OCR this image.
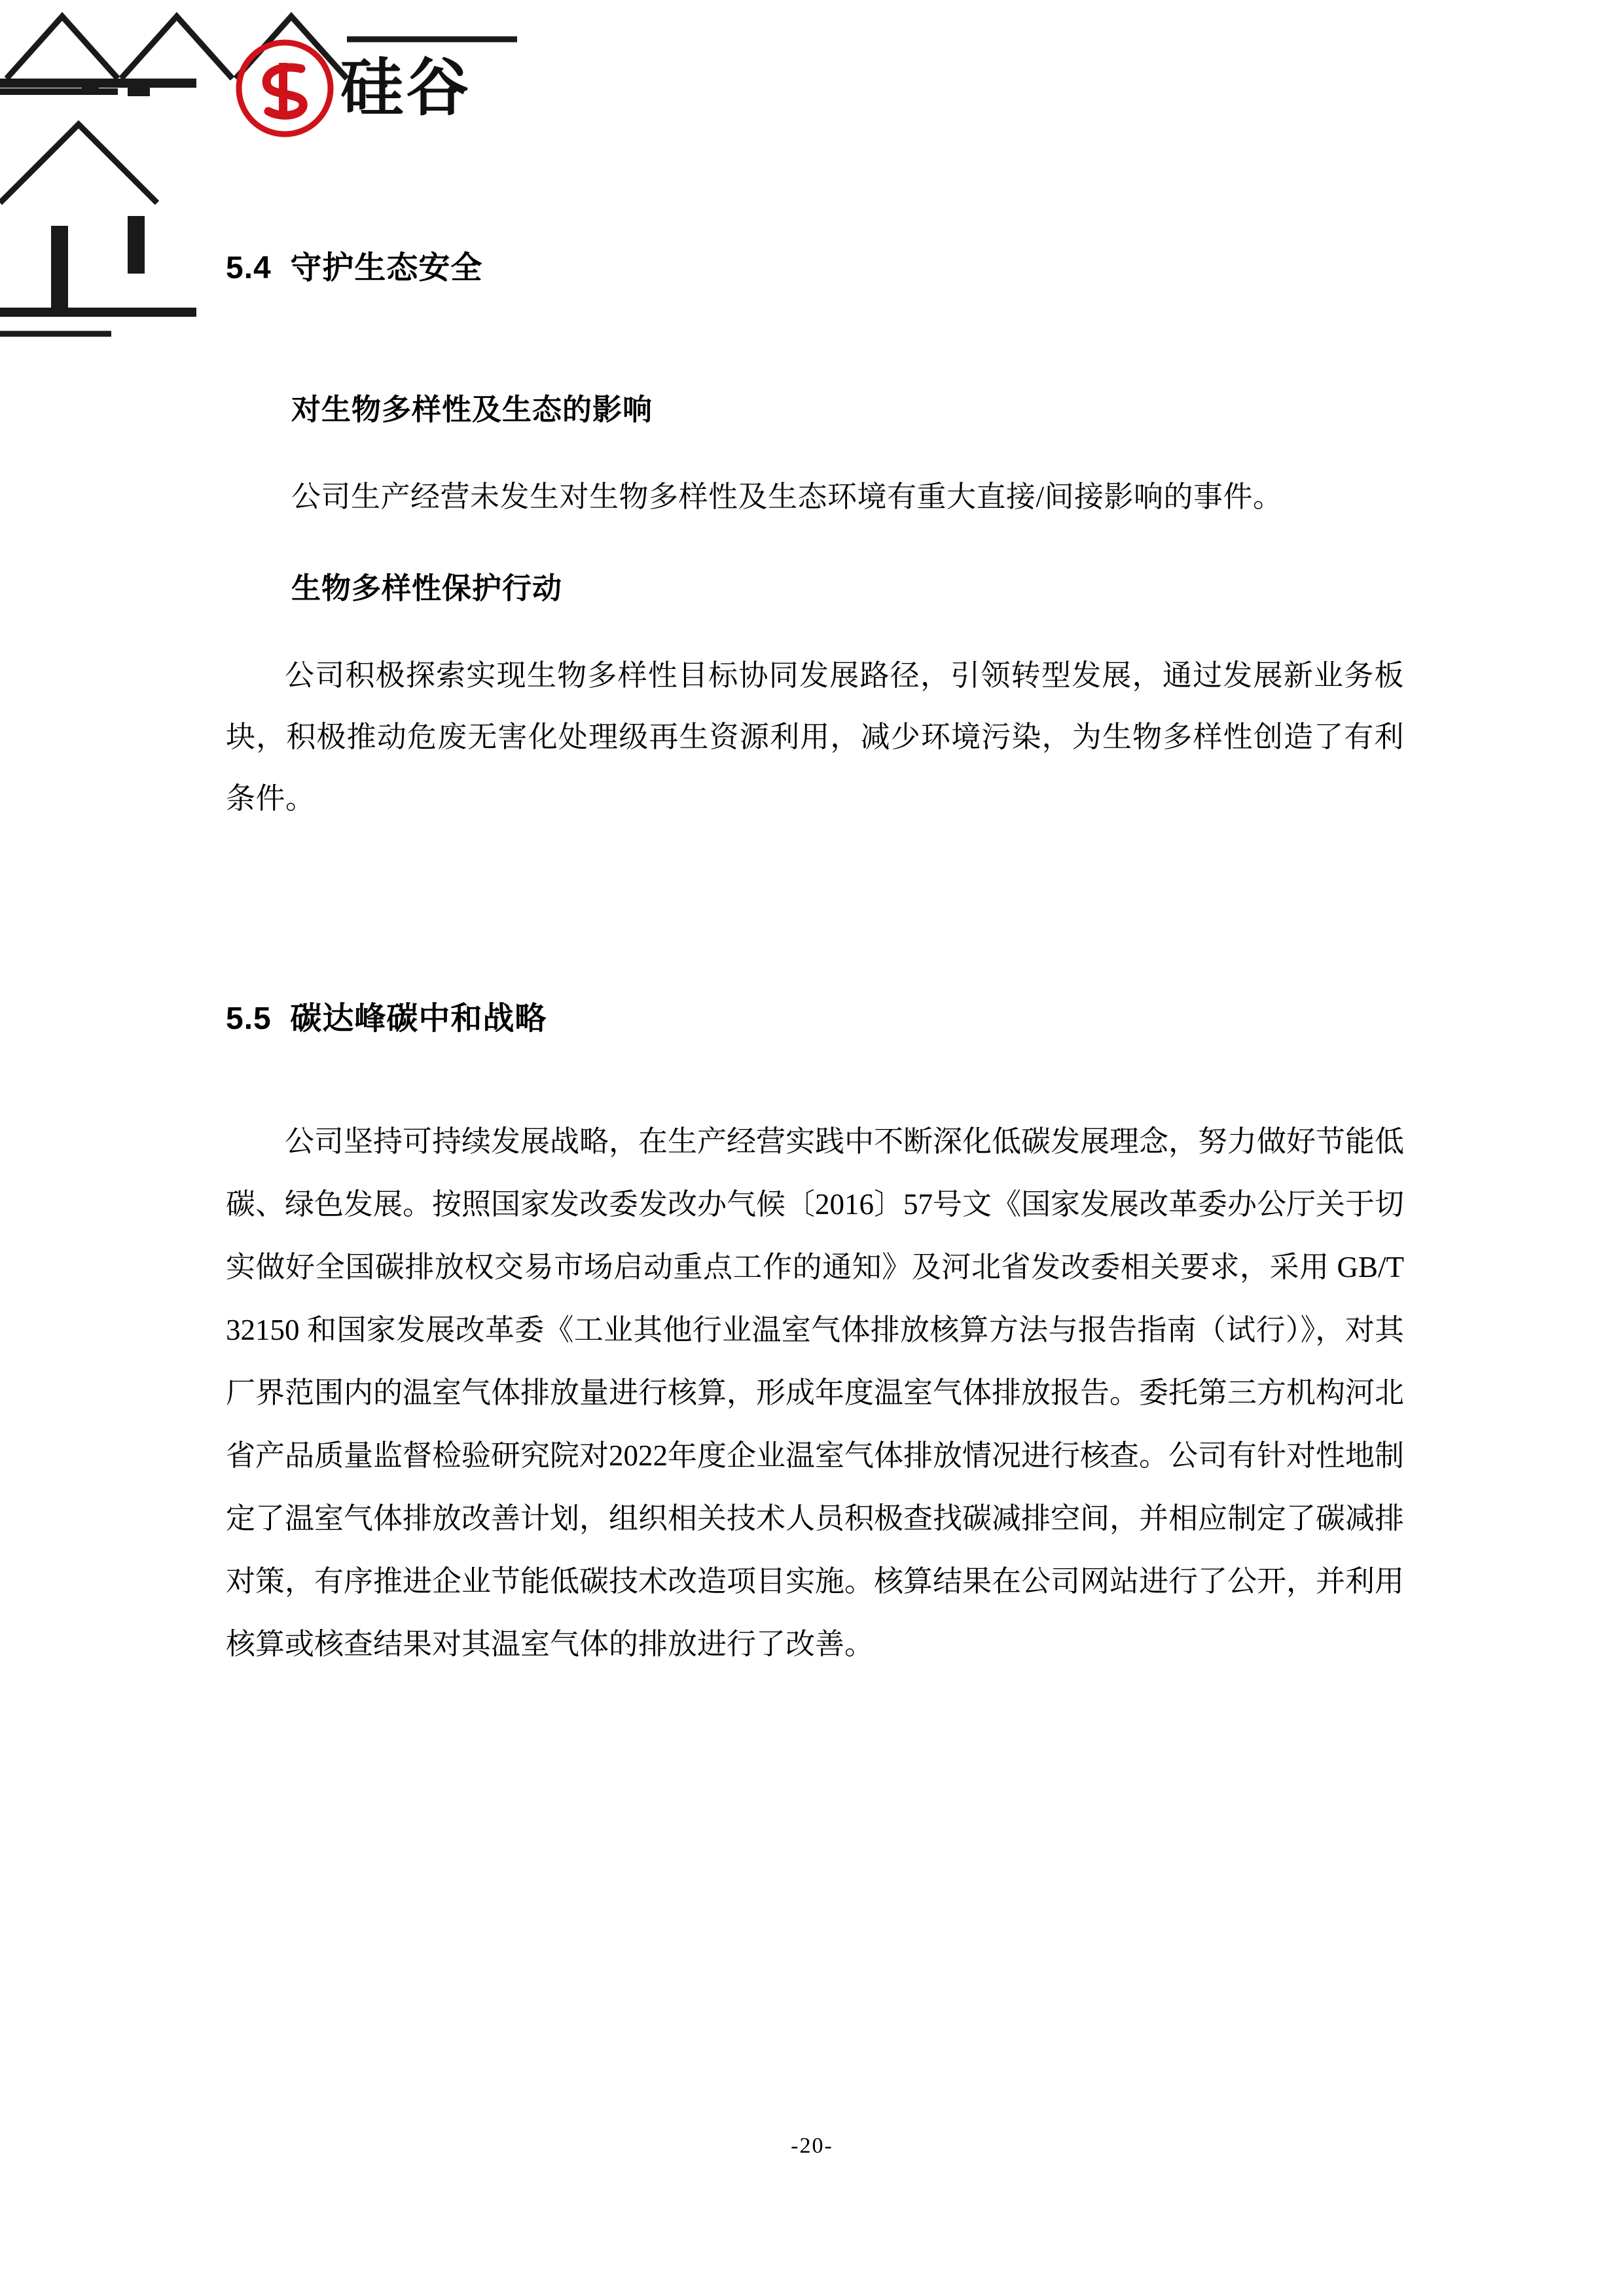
硅谷
5.4 守护生态安全
对生物多样性及生态的影响

公司生产经营未发生对生物多样性及生态环境有重大直接/间接影响的事件。

生物多样性保护行动

公司积极探索实现生物多样性目标协同发展路径，引领转型发展，通过发展新业务板块，积极推动危废无害化处理级再生资源利用，减少环境污染，为生物多样性创造了有利条件。

5.5 碳达峰碳中和战略

公司坚持可持续发展战略，在生产经营实践中不断深化低碳发展理念，努力做好节能低碳、绿色发展。按照国家发改委发改办气候〔2016〕57号文《国家发展改革委办公厅关于切实做好全国碳排放权交易市场启动重点工作的通知》及河北省发改委相关要求，采用 GB/T 32150 和国家发展改革委《工业其他行业温室气体排放核算方法与报告指南（试行）》，对其厂界范围内的温室气体排放量进行核算，形成年度温室气体排放报告。委托第三方机构河北省产品质量监督检验研究院对2022年度企业温室气体排放情况进行核查。公司有针对性地制定了温室气体排放改善计划，组织相关技术人员积极查找碳减排空间，并相应制定了碳减排对策，有序推进企业节能低碳技术改造项目实施。核算结果在公司网站进行了公开，并利用核算或核查结果对其温室气体的排放进行了改善。

-20-
